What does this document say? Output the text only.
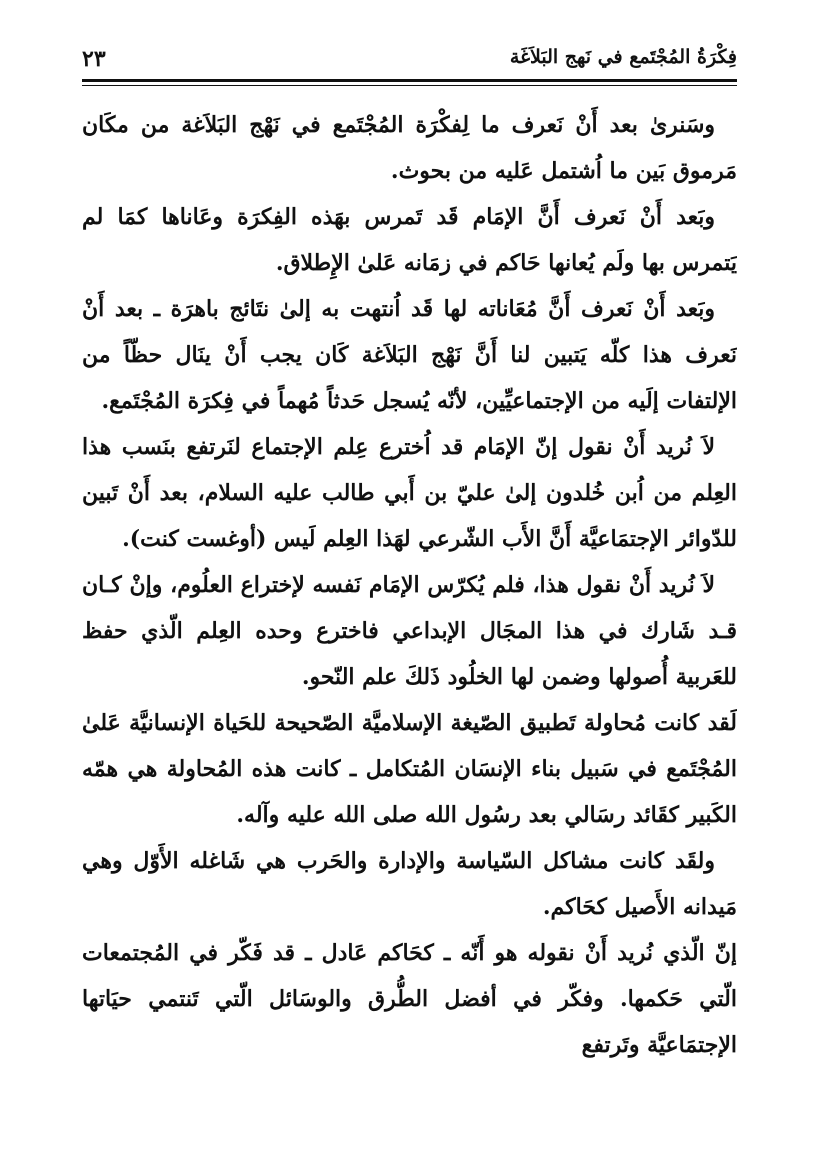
فِكْرَةُ المُجْتَمع في نَهج البَلاَغَة
٢٣

وسَنرىٰ بعد أَنْ نَعرف ما لِفكْرَة المُجْتَمع في نَهْج البَلاَغة من مكَان مَرموق بَين ما اُشتمل عَليه من بحوث.

وبَعد أَنْ نَعرف أَنَّ الإمَام قَد تَمرس بهَذه الفِكرَة وعَاناها كمَا لم يَتمرس بها ولَم يُعانها حَاكم في زمَانه عَلىٰ الإِطلاق.

وبَعد أَنْ نَعرف أَنَّ مُعَاناته لها قَد اُنتهت به إلىٰ نتَائج باهرَة ـ بعد أَنْ نَعرف هذا كلّه يَتبين لنا أَنَّ نَهْج البَلاَغة كَان يجب أَنْ ينَال حظّاً من الإلتفات إلَيه من الإجتماعيِّين، لأنّه يُسجل حَدثاً مُهماً في فِكرَة المُجْتَمع.

لاَ نُريد أَنْ نقول إنّ الإمَام قد اُخترع عِلم الإجتماع لنَرتفع بنَسب هذا العِلم من اُبن خُلدون إلىٰ عليّ بن أَبي طالب عليه السلام، بعد أَنْ تَبين للدّوائر الإجتمَاعيَّة أَنَّ الأَب الشّرعي لهَذا العِلم لَيس (أوغست كنت).

لاَ نُريد أَنْ نقول هذا، فلم يُكرّس الإمَام نَفسه لإختراع العلُوم، وإنْ كـان قـد شَارك في هذا المجَال الإبداعي فاخترع وحده العِلم الّذي حفظ للعَربية أُصولها وضمن لها الخلُود ذَلكَ علم النّحو.

لَقد كانت مُحاولة تَطبيق الصّيغة الإسلاميَّة الصّحيحة للحَياة الإنسانيَّة عَلىٰ المُجْتَمع في سَبيل بناء الإنسَان المُتكامل ـ كانت هذه المُحاولة هي همّه الكَبير كقَائد رسَالي بعد رسُول الله صلى الله عليه وآله.

ولقَد كانت مشاكل السّياسة والإدارة والحَرب هي شَاغله الأَوّل وهي مَيدانه الأَصيل كحَاكم.

إنّ الّذي نُريد أَنْ نقوله هو أَنّه ـ كحَاكم عَادل ـ قد فَكّر في المُجتمعات الّتي حَكمها. وفكّر في أفضل الطُّرق والوسَائل الّتي تَنتمي حيَاتها الإجتمَاعيَّة وتَرتفع
